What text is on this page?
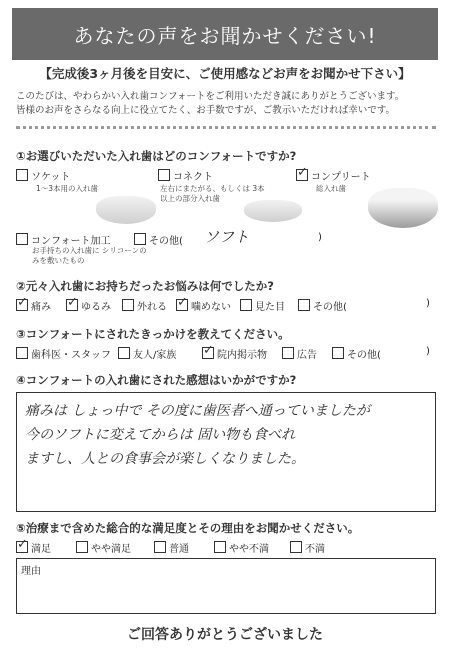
あなたの声をお聞かせください!
【完成後3ヶ月後を目安に、ご使用感などお声をお聞かせ下さい】
このたびは、やわらかい入れ歯コンフォートをご利用いただき誠にありがとうございます。
皆様のお声をさらなる向上に役立てたく、お手数ですが、ご教示いただければ幸いです。
①お選びいただいた入れ歯はどのコンフォートですか?
ソケット
1〜3本用の入れ歯
コネクト
左右にまたがる、もしくは 3本以上の部分入れ歯
✓コンプリート
総入れ歯
コンフォート加工
お手持ちの入れ歯に シリコーンのみを敷いたもの
その他( ソフト	)
②元々入れ歯にお持ちだったお悩みは何でしたか?
✓痛み ✓	ゆるみ	外れる ✓	噛めない	見た目	その他(	)
③コンフォートにされたきっかけを教えてください。
歯科医・スタッフ	友人/家族 ✓	院内掲示物	広告	その他(	)
④コンフォートの入れ歯にされた感想はいかがですか?
痛みは しょっ中で その度に歯医者へ通っていましたが
今のソフトに変えてからは 固い物も食べれ
ますし、人との食事会が楽しくなりました。
⑤治療まで含めた総合的な満足度とその理由をお聞かせください。
✓満足	やや満足	普通	やや不満	不満
理由
ご回答ありがとうございました
